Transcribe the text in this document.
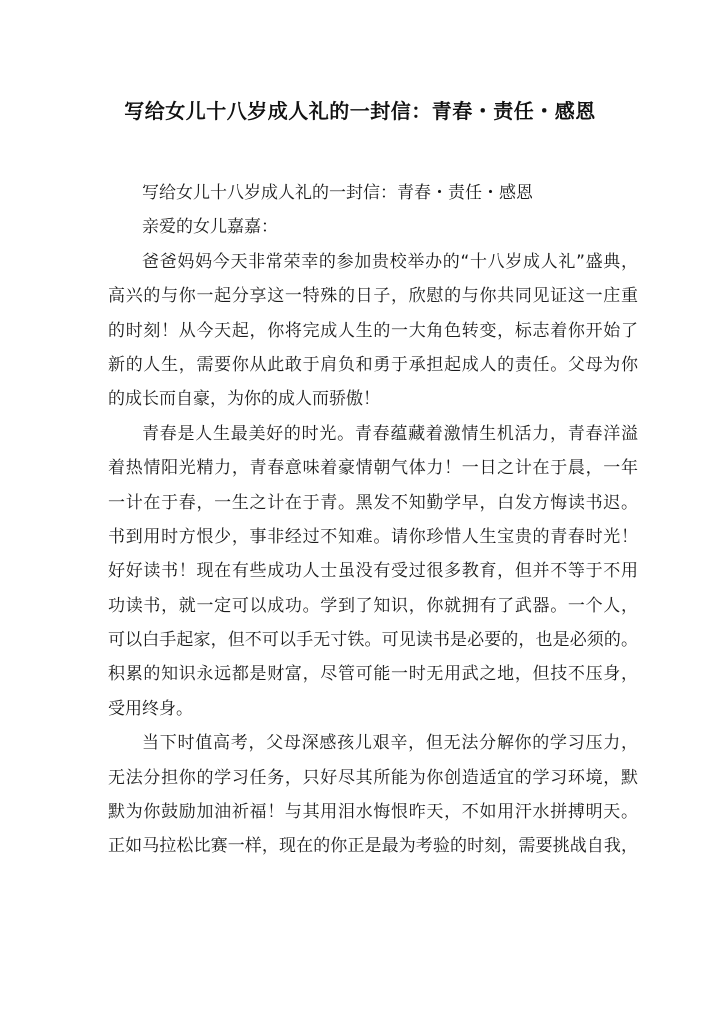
写给女儿十八岁成人礼的一封信：青春・责任・感恩
写给女儿十八岁成人礼的一封信：青春・责任・感恩
亲爱的女儿嘉嘉：
爸爸妈妈今天非常荣幸的参加贵校举办的“十八岁成人礼”盛典，
高兴的与你一起分享这一特殊的日子，欣慰的与你共同见证这一庄重
的时刻！从今天起，你将完成人生的一大角色转变，标志着你开始了
新的人生，需要你从此敢于肩负和勇于承担起成人的责任。父母为你
的成长而自豪，为你的成人而骄傲！
青春是人生最美好的时光。青春蕴藏着激情生机活力，青春洋溢
着热情阳光精力，青春意味着豪情朝气体力！一日之计在于晨，一年
一计在于春，一生之计在于青。黑发不知勤学早，白发方悔读书迟。
书到用时方恨少，事非经过不知难。请你珍惜人生宝贵的青春时光！
好好读书！现在有些成功人士虽没有受过很多教育，但并不等于不用
功读书，就一定可以成功。学到了知识，你就拥有了武器。一个人，
可以白手起家，但不可以手无寸铁。可见读书是必要的，也是必须的。
积累的知识永远都是财富，尽管可能一时无用武之地，但技不压身，
受用终身。
当下时值高考，父母深感孩儿艰辛，但无法分解你的学习压力，
无法分担你的学习任务，只好尽其所能为你创造适宜的学习环境，默
默为你鼓励加油祈福！与其用泪水悔恨昨天，不如用汗水拼搏明天。
正如马拉松比赛一样，现在的你正是最为考验的时刻，需要挑战自我，
